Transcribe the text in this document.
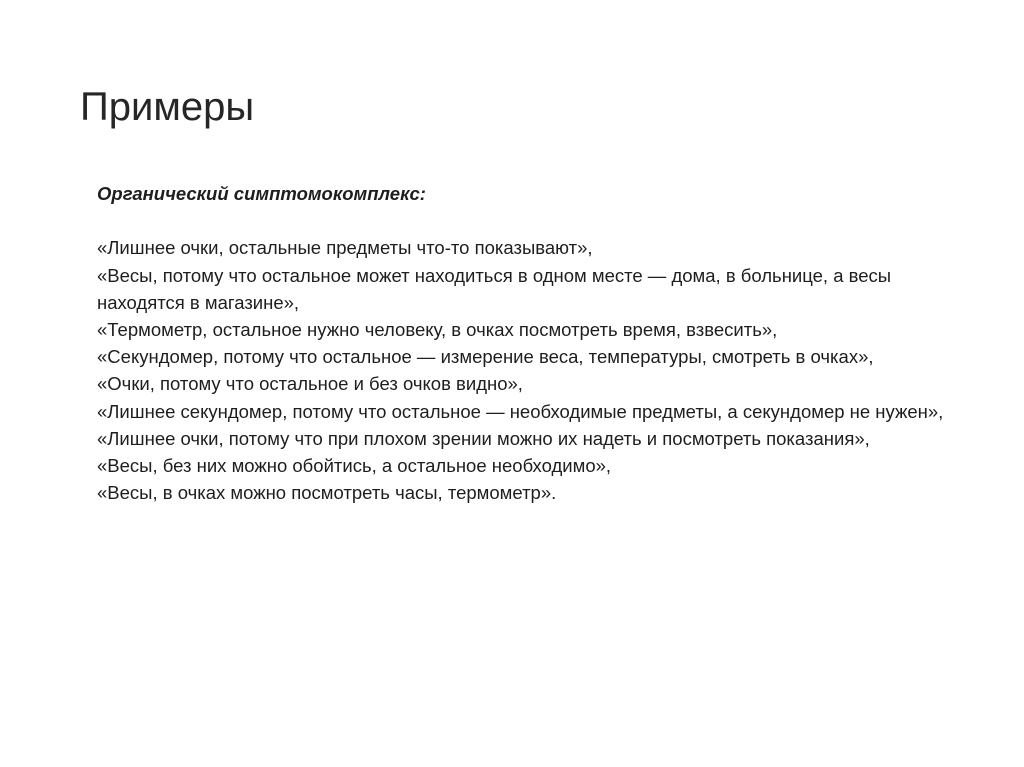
Примеры

Органический симптомокомплекс:

«Лишнее очки, остальные предметы что-то показывают»,
«Весы, потому что остальное может находиться в одном месте — дома, в больнице, а весы находятся в магазине»,
«Термометр, остальное нужно человеку, в очках посмотреть время, взвесить»,
«Секундомер, потому что остальное — измерение веса, температуры, смотреть в очках»,
«Очки, потому что остальное и без очков видно»,
«Лишнее секундомер, потому что остальное — необходимые предметы, а секундомер не нужен»,
«Лишнее очки, потому что при плохом зрении можно их надеть и посмотреть показания»,
«Весы, без них можно обойтись, а остальное необходимо»,
«Весы, в очках можно посмотреть часы, термометр».
